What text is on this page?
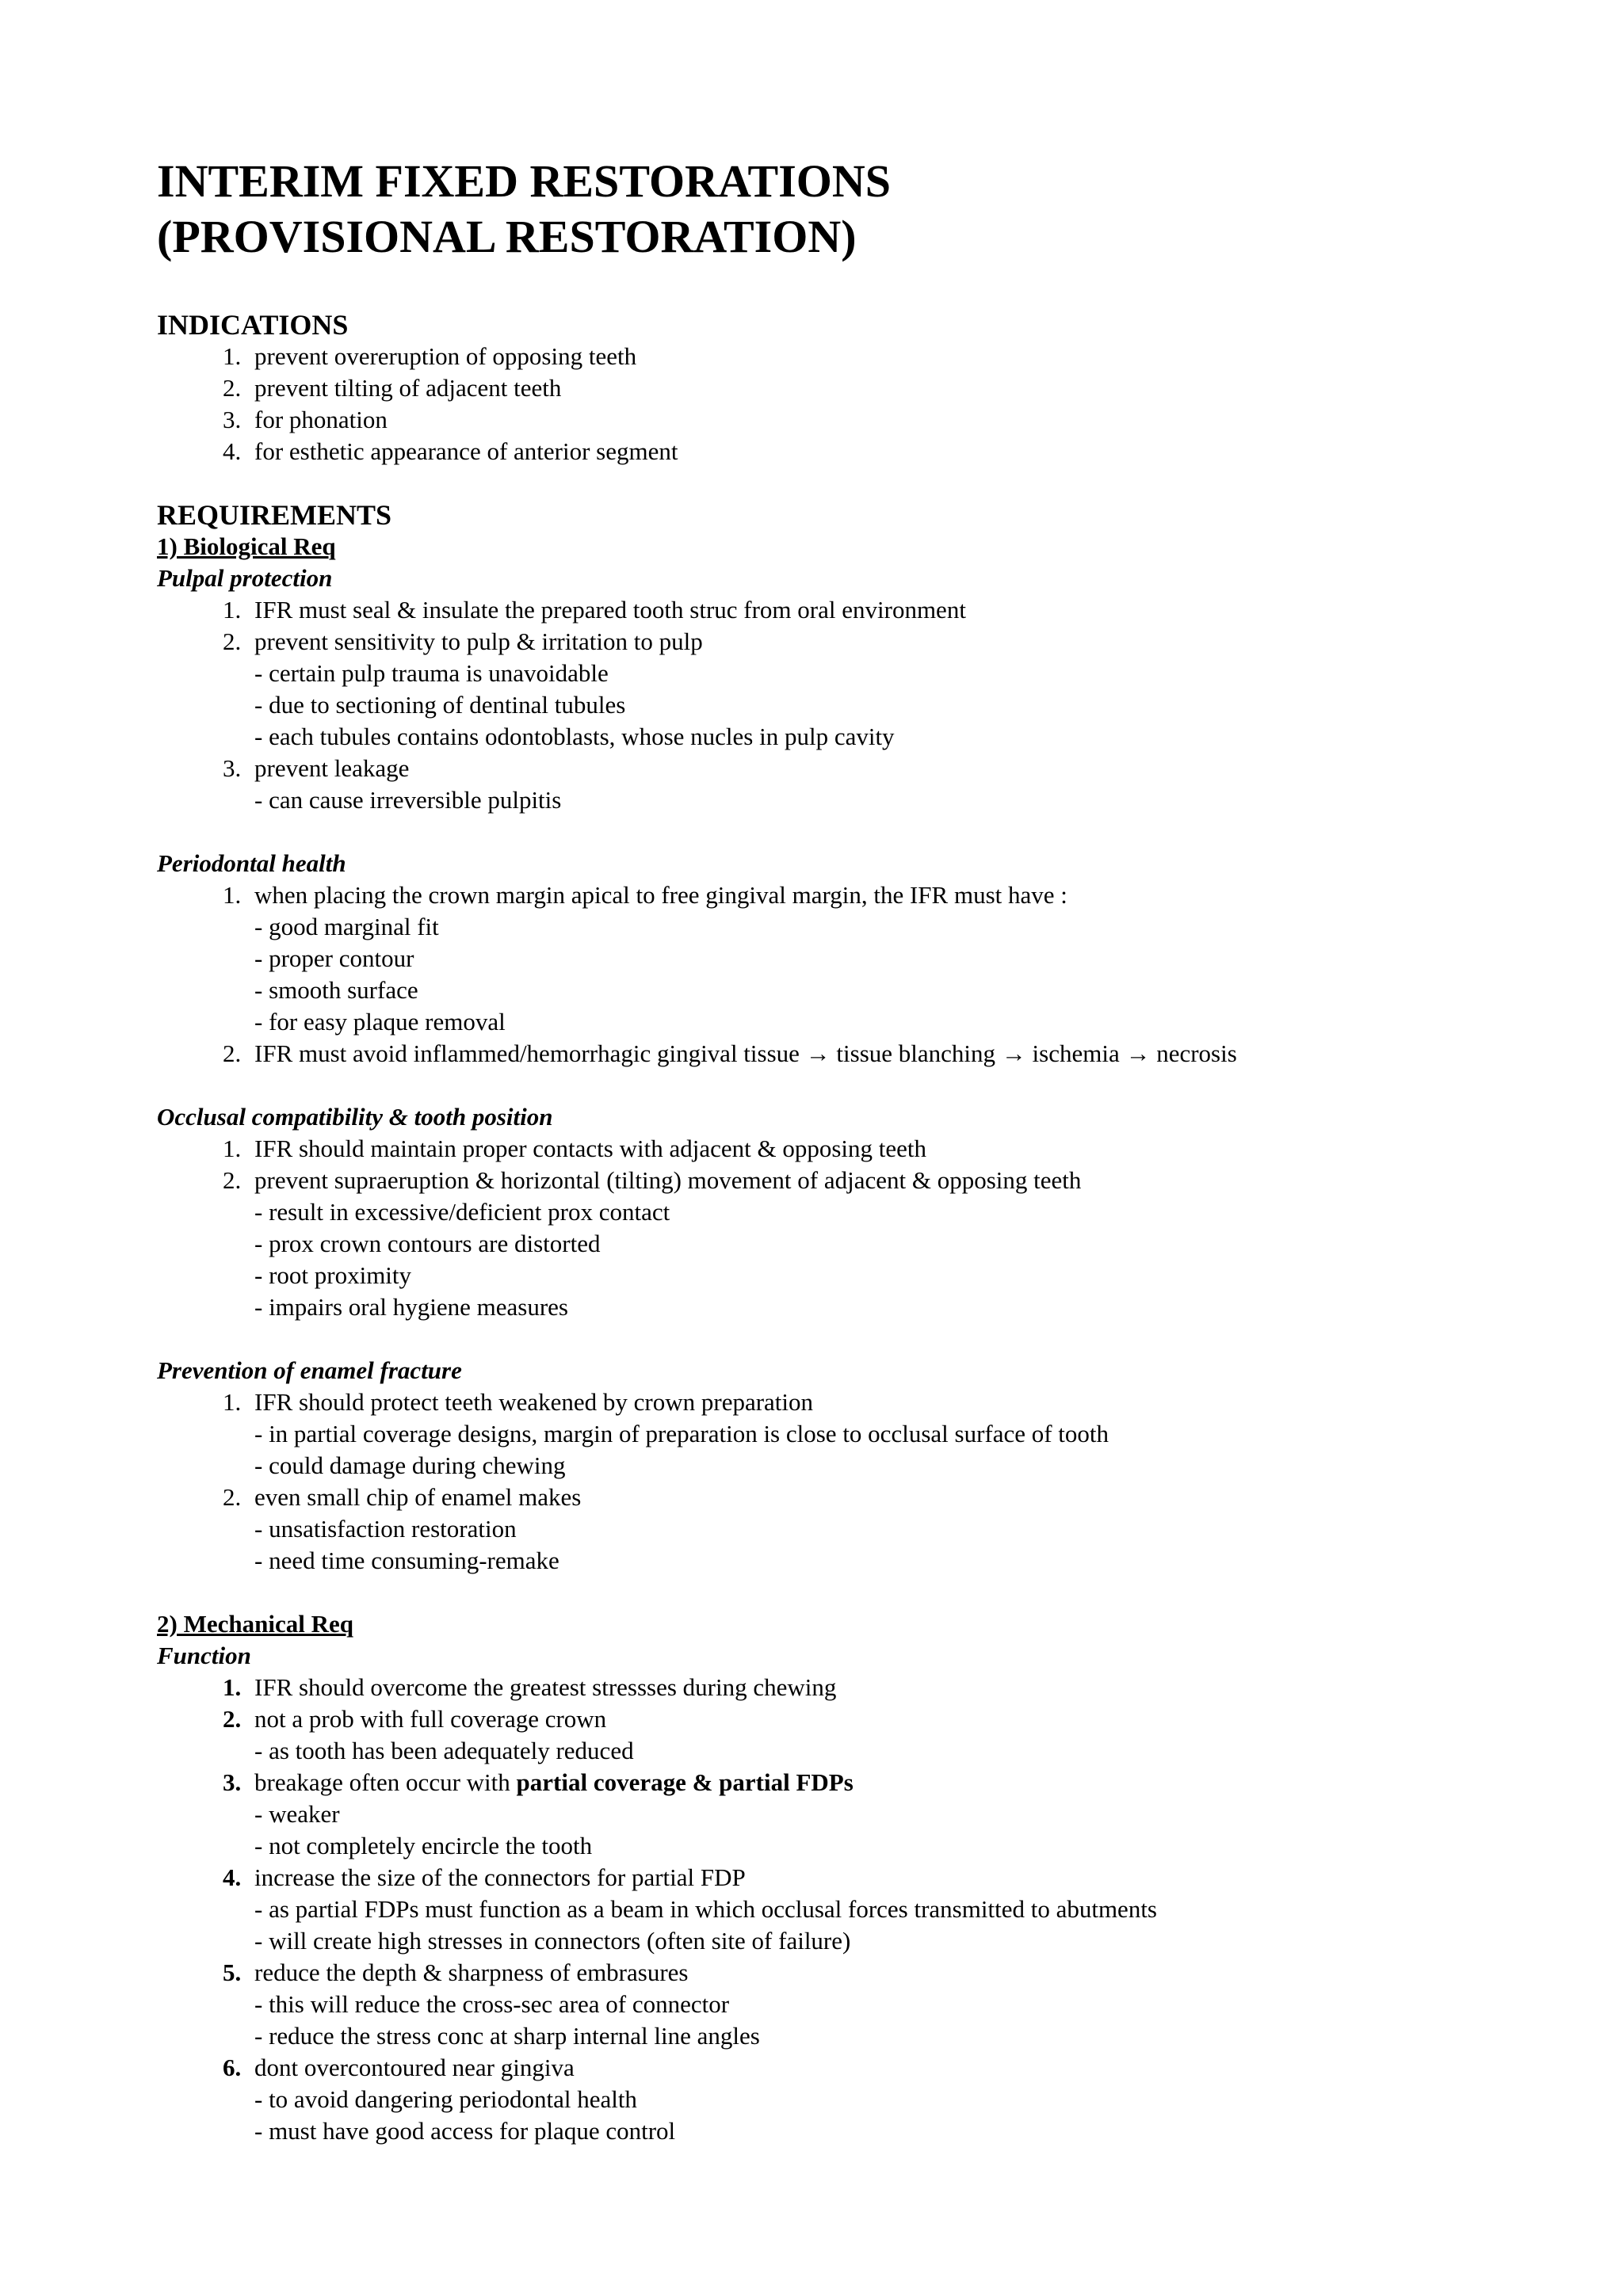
INTERIM FIXED RESTORATIONS
(PROVISIONAL RESTORATION)
INDICATIONS
1. prevent overeruption of opposing teeth
2. prevent tilting of adjacent teeth
3. for phonation
4. for esthetic appearance of anterior segment
REQUIREMENTS
1) Biological Req
Pulpal protection
1. IFR must seal & insulate the prepared tooth struc from oral environment
2. prevent sensitivity to pulp & irritation to pulp
- certain pulp trauma is unavoidable
- due to sectioning of dentinal tubules
- each tubules contains odontoblasts, whose nucles in pulp cavity
3. prevent leakage
- can cause irreversible pulpitis
Periodontal health
1. when placing the crown margin apical to free gingival margin, the IFR must have :
- good marginal fit
- proper contour
- smooth surface
- for easy plaque removal
2. IFR must avoid inflammed/hemorrhagic gingival tissue → tissue blanching → ischemia → necrosis
Occlusal compatibility & tooth position
1. IFR should maintain proper contacts with adjacent & opposing teeth
2. prevent supraeruption & horizontal (tilting) movement of adjacent & opposing teeth
- result in excessive/deficient prox contact
- prox crown contours are distorted
- root proximity
- impairs oral hygiene measures
Prevention of enamel fracture
1. IFR should protect teeth weakened by crown preparation
- in partial coverage designs, margin of preparation is close to occlusal surface of tooth
- could damage during chewing
2. even small chip of enamel makes
- unsatisfaction restoration
- need time consuming-remake
2) Mechanical Req
Function
1. IFR should overcome the greatest stressses during chewing
2. not a prob with full coverage crown
- as tooth has been adequately reduced
3. breakage often occur with partial coverage & partial FDPs
- weaker
- not completely encircle the tooth
4. increase the size of the connectors for partial FDP
- as partial FDPs must function as a beam in which occlusal forces transmitted to abutments
- will create high stresses in connectors (often site of failure)
5. reduce the depth & sharpness of embrasures
- this will reduce the cross-sec area of connector
- reduce the stress conc at sharp internal line angles
6. dont overcontoured near gingiva
- to avoid dangering periodontal health
- must have good access for plaque control
